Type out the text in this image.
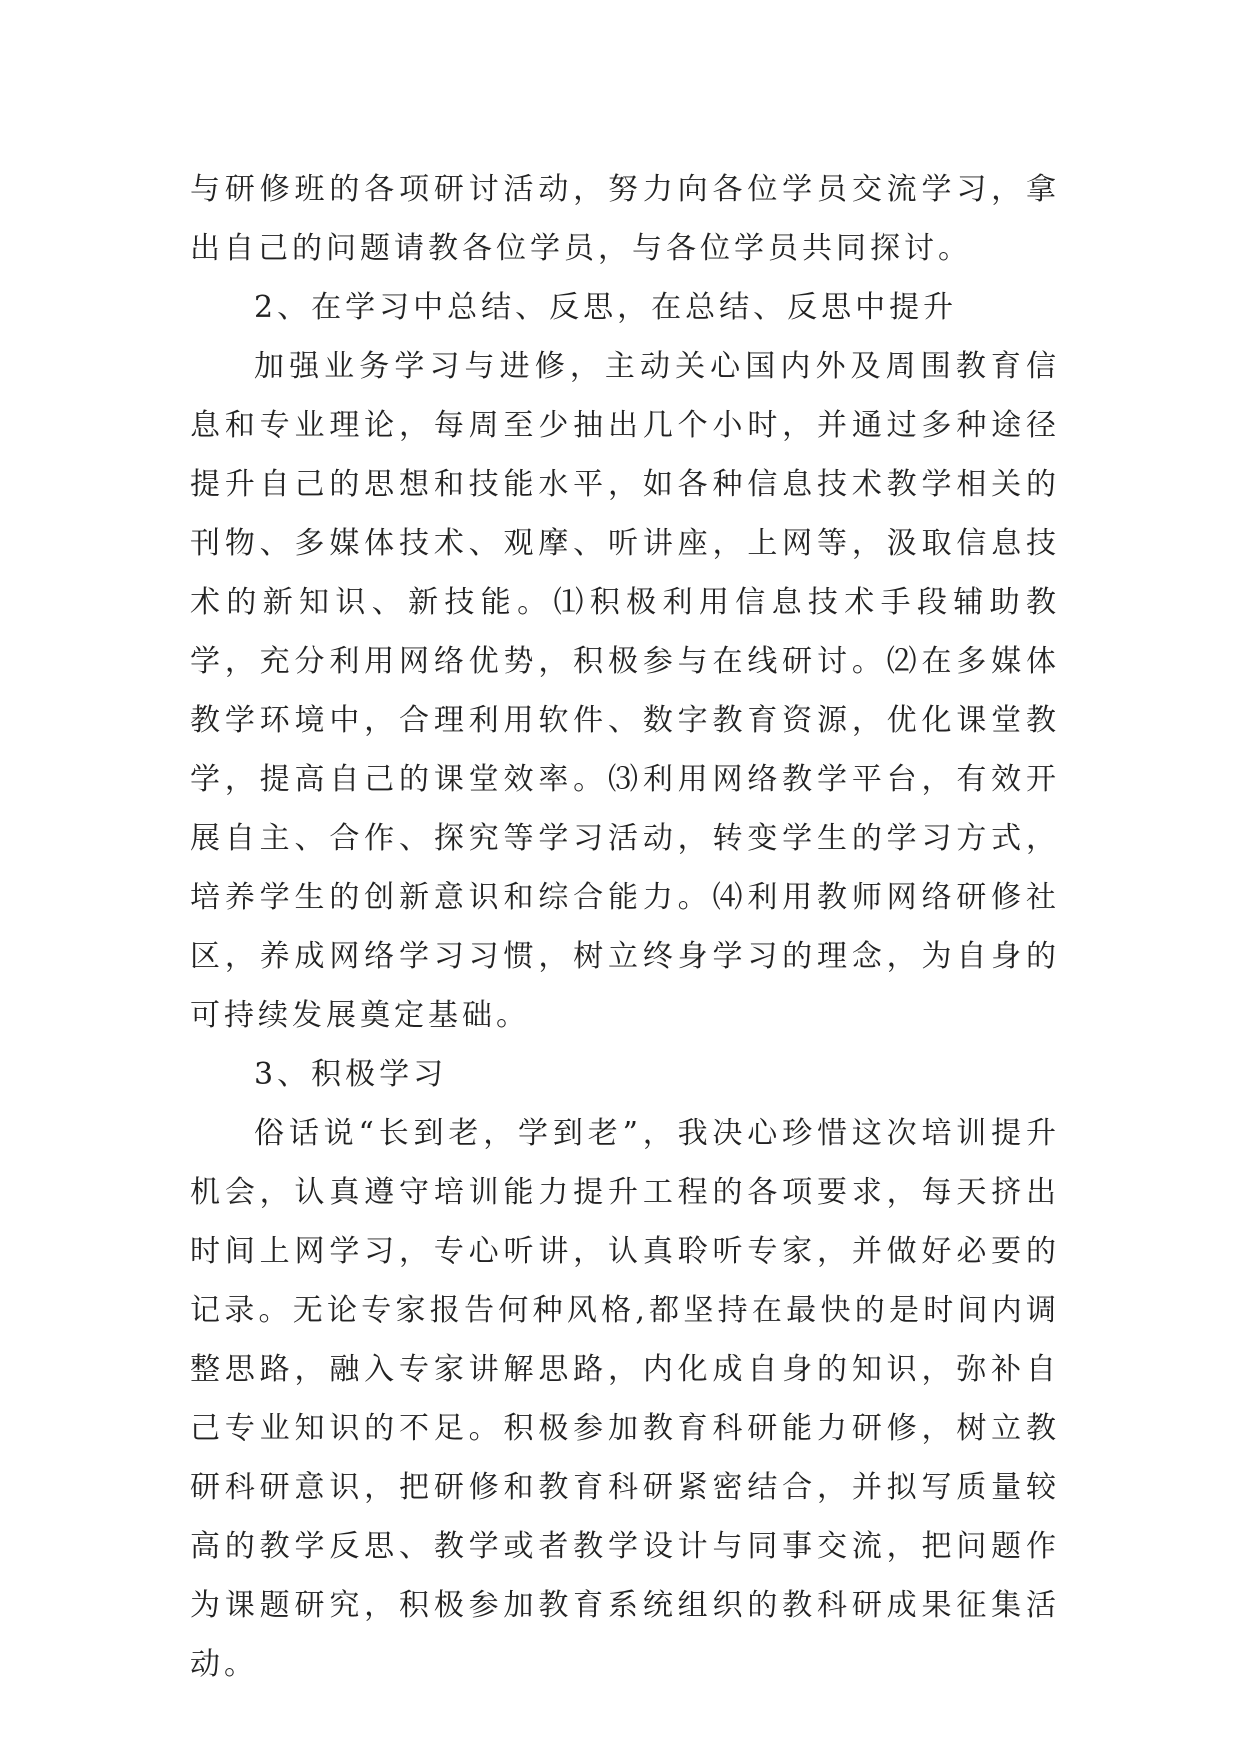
与研修班的各项研讨活动，努力向各位学员交流学习，拿出自己的问题请教各位学员，与各位学员共同探讨。

2、在学习中总结、反思，在总结、反思中提升

加强业务学习与进修，主动关心国内外及周围教育信息和专业理论，每周至少抽出几个小时，并通过多种途径提升自己的思想和技能水平，如各种信息技术教学相关的刊物、多媒体技术、观摩、听讲座，上网等，汲取信息技术的新知识、新技能。⑴积极利用信息技术手段辅助教学，充分利用网络优势，积极参与在线研讨。⑵在多媒体教学环境中，合理利用软件、数字教育资源，优化课堂教学，提高自己的课堂效率。⑶利用网络教学平台，有效开展自主、合作、探究等学习活动，转变学生的学习方式，培养学生的创新意识和综合能力。⑷利用教师网络研修社区，养成网络学习习惯，树立终身学习的理念，为自身的可持续发展奠定基础。

3、积极学习

俗话说“长到老，学到老”，我决心珍惜这次培训提升机会，认真遵守培训能力提升工程的各项要求，每天挤出时间上网学习，专心听讲，认真聆听专家，并做好必要的记录。无论专家报告何种风格,都坚持在最快的是时间内调整思路，融入专家讲解思路，内化成自身的知识，弥补自己专业知识的不足。积极参加教育科研能力研修，树立教研科研意识，把研修和教育科研紧密结合，并拟写质量较高的教学反思、教学或者教学设计与同事交流，把问题作为课题研究，积极参加教育系统组织的教科研成果征集活动。
